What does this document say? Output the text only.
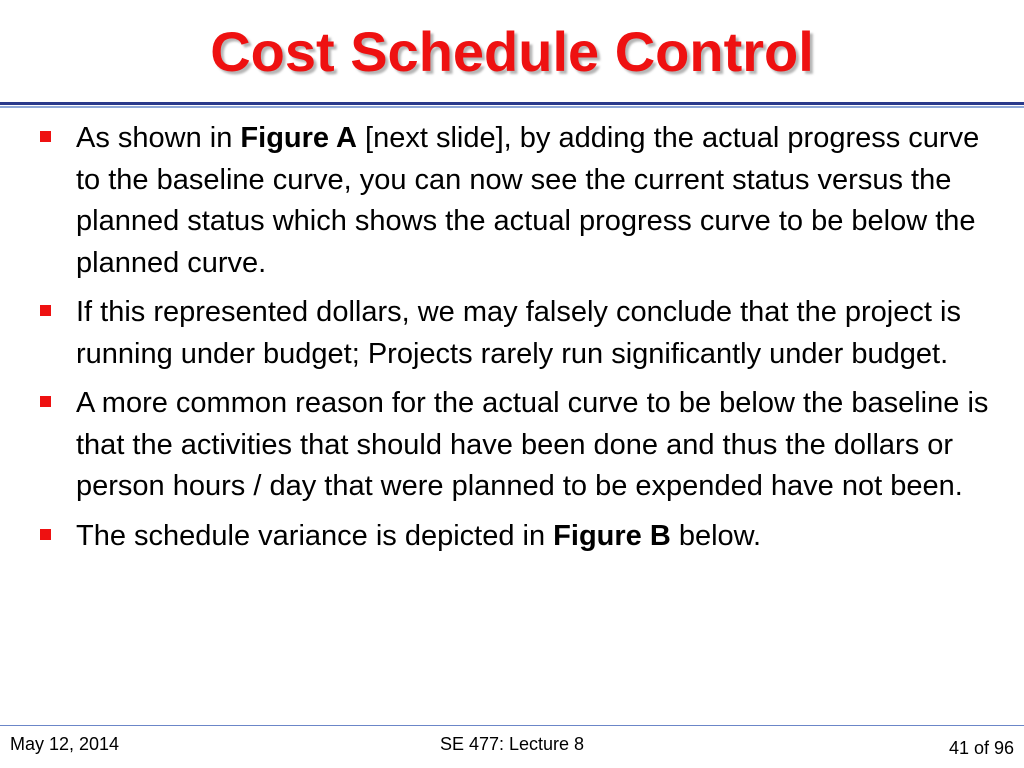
Cost Schedule Control
As shown in Figure A [next slide], by adding the actual progress curve to the baseline curve, you can now see the current status versus the planned status which shows the actual progress curve to be below the planned curve.
If this represented dollars, we may falsely conclude that the project is running under budget; Projects rarely run significantly under budget.
A more common reason for the actual curve to be below the baseline is that the activities that should have been done and thus the dollars or person hours / day that were planned to be expended have not been.
The schedule variance is depicted in Figure B below.
May 12, 2014	SE 477: Lecture 8	41 of 96
